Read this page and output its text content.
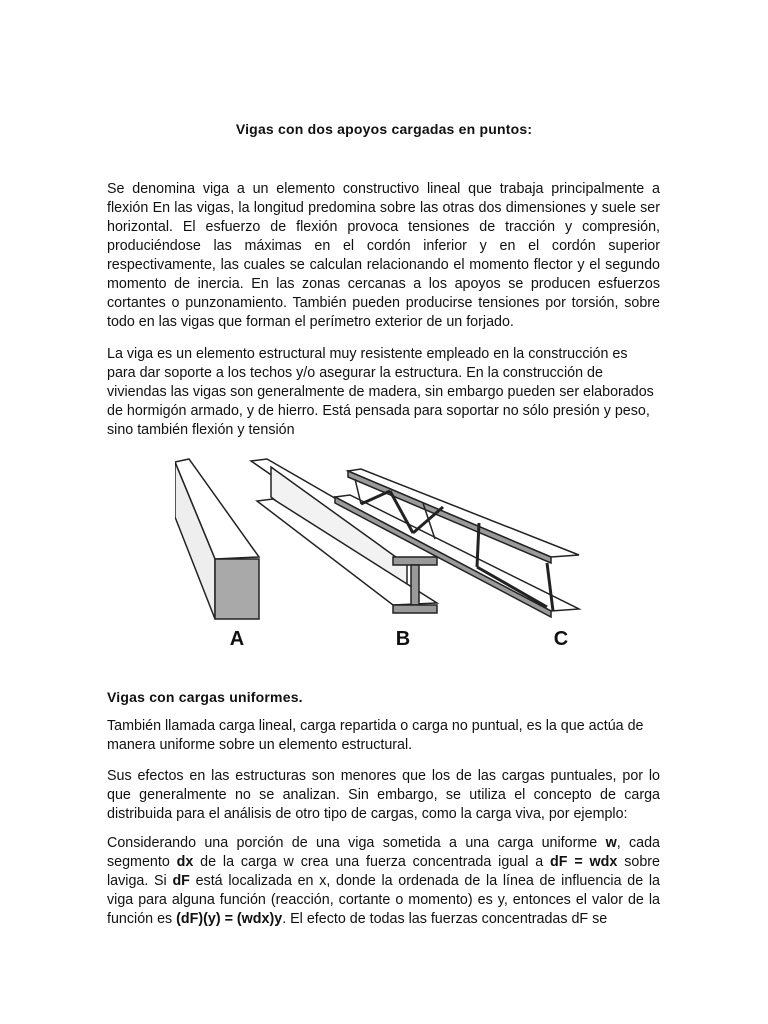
Vigas con dos apoyos cargadas en puntos:

Se denomina viga a un elemento constructivo lineal que trabaja principalmente a flexión En las vigas, la longitud predomina sobre las otras dos dimensiones y suele ser horizontal. El esfuerzo de flexión provoca tensiones de tracción y compresión, produciéndose las máximas en el cordón inferior y en el cordón superior respectivamente, las cuales se calculan relacionando el momento flector y el segundo momento de inercia. En las zonas cercanas a los apoyos se producen esfuerzos cortantes o punzonamiento. También pueden producirse tensiones por torsión, sobre todo en las vigas que forman el perímetro exterior de un forjado.

La viga es un elemento estructural muy resistente empleado en la construcción es para dar soporte a los techos y/o asegurar la estructura. En la construcción de viviendas las vigas son generalmente de madera, sin embargo pueden ser elaborados de hormigón armado, y de hierro. Está pensada para soportar no sólo presión y peso, sino también flexión y tensión

A	B	C
Vigas con cargas uniformes.

También llamada carga lineal, carga repartida o carga no puntual, es la que actúa de manera uniforme sobre un elemento estructural.

Sus efectos en las estructuras son menores que los de las cargas puntuales, por lo que generalmente no se analizan. Sin embargo, se utiliza el concepto de carga distribuida para el análisis de otro tipo de cargas, como la carga viva, por ejemplo:

Considerando una porción de una viga sometida a una carga uniforme w, cada segmento dx de la carga w crea una fuerza concentrada igual a dF = wdx sobre laviga. Si dF está localizada en x, donde la ordenada de la línea de influencia de la viga para alguna función (reacción, cortante o momento) es y, entonces el valor de la función es (dF)(y) = (wdx)y. El efecto de todas las fuerzas concentradas dF se
